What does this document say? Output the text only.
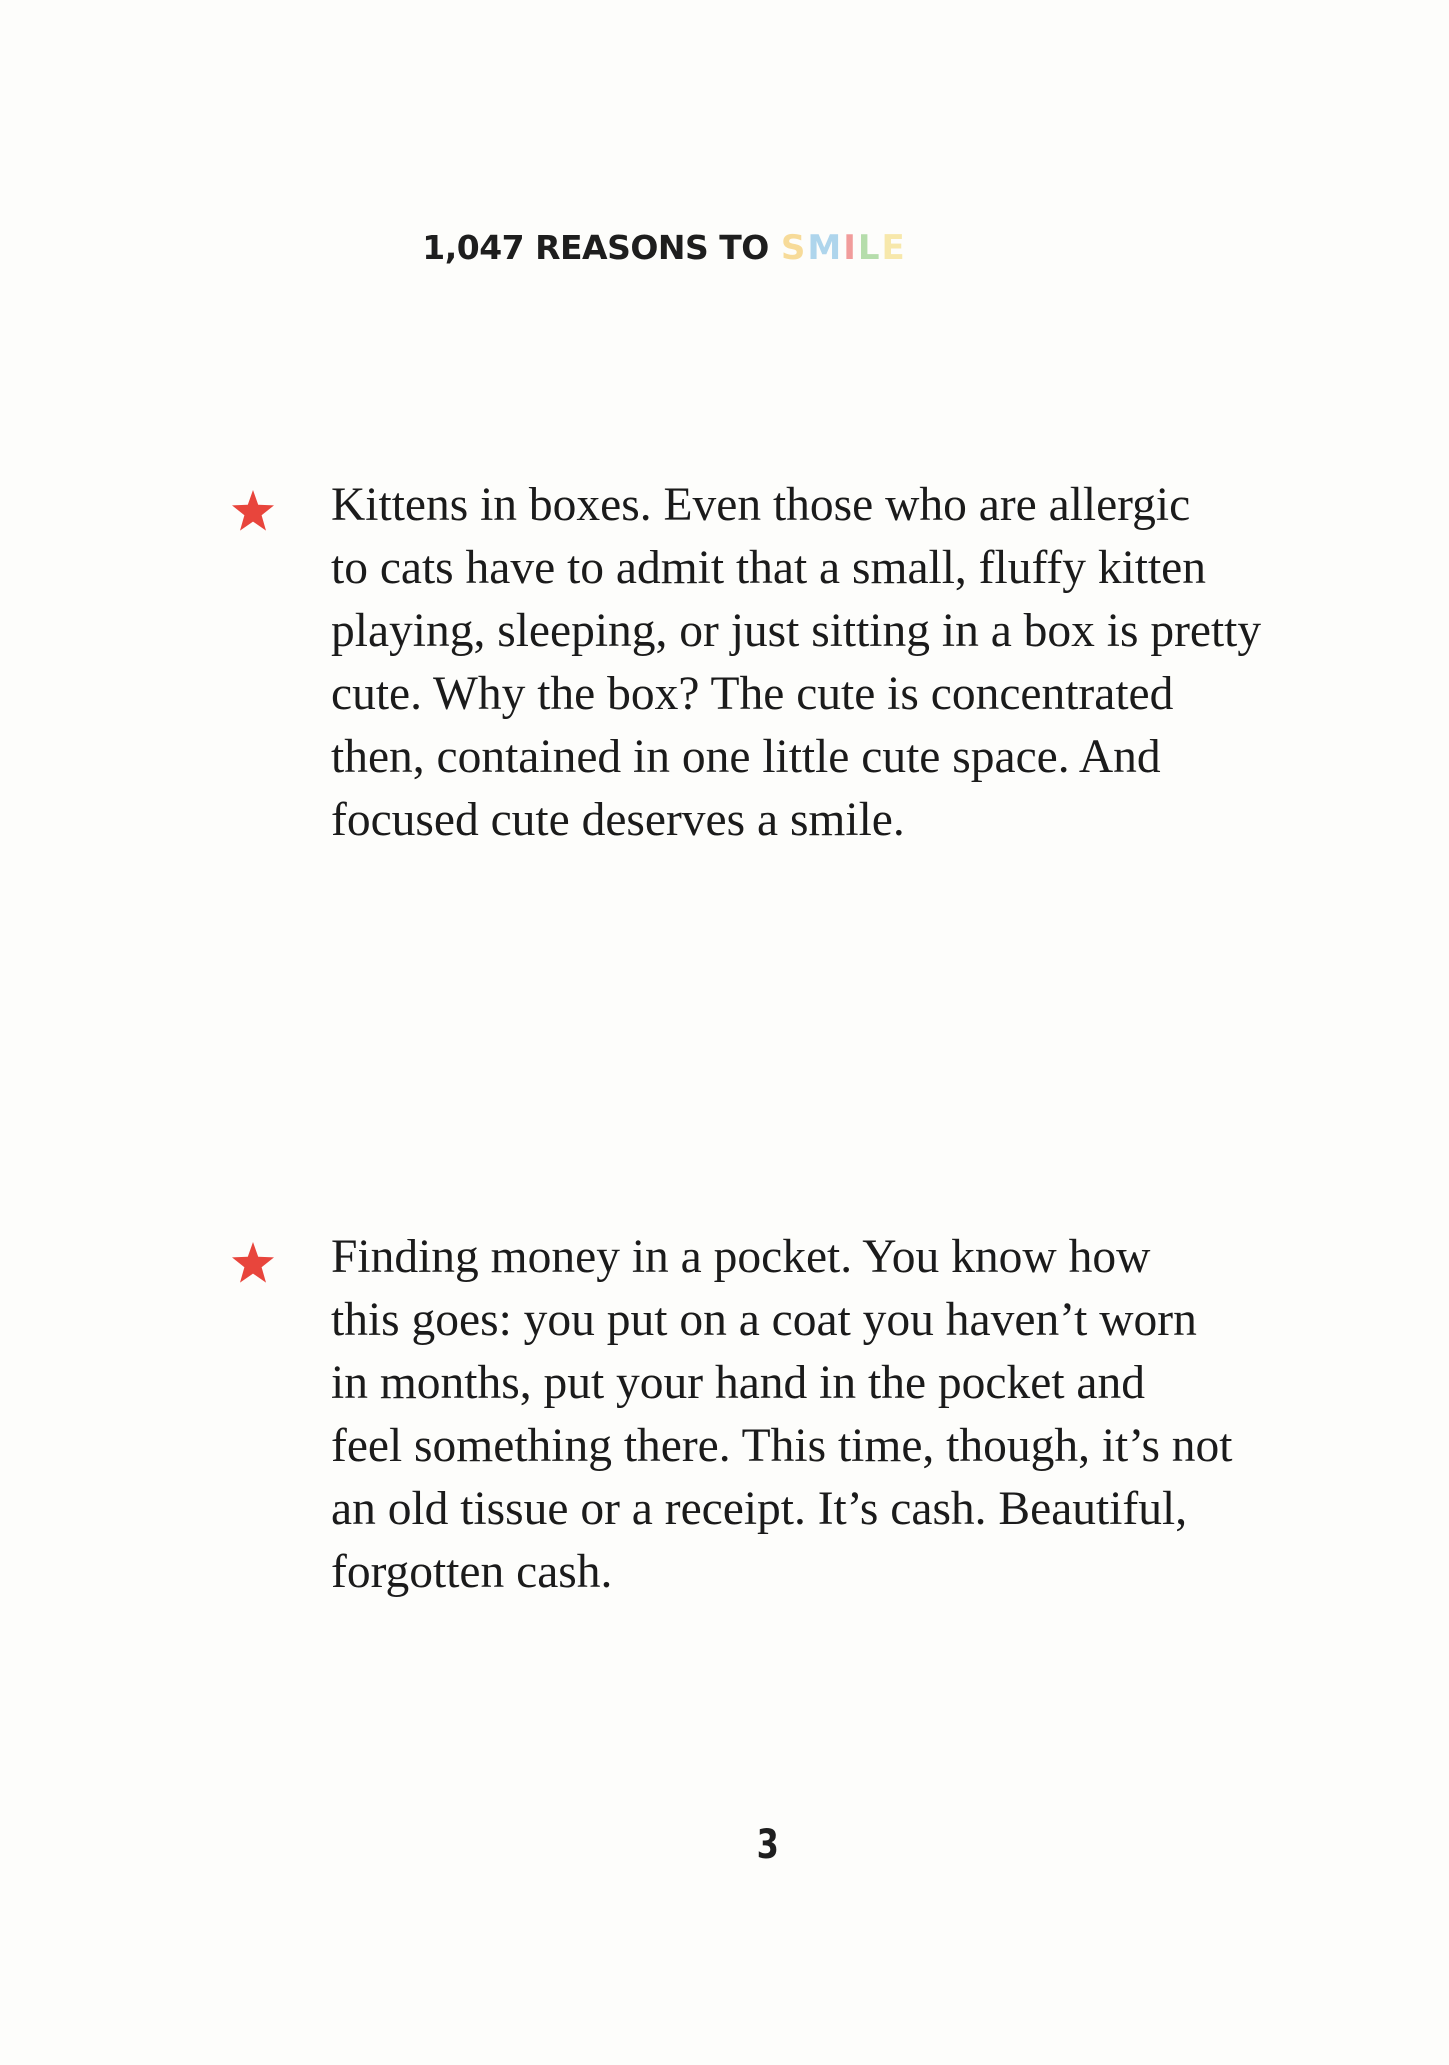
1,047 REASONS TO SMILE
Kittens in boxes. Even those who are allergic
to cats have to admit that a small, fluffy kitten
playing, sleeping, or just sitting in a box is pretty
cute. Why the box? The cute is concentrated
then, contained in one little cute space. And
focused cute deserves a smile.
Finding money in a pocket. You know how
this goes: you put on a coat you haven’t worn
in months, put your hand in the pocket and
feel something there. This time, though, it’s not
an old tissue or a receipt. It’s cash. Beautiful,
forgotten cash.
3
